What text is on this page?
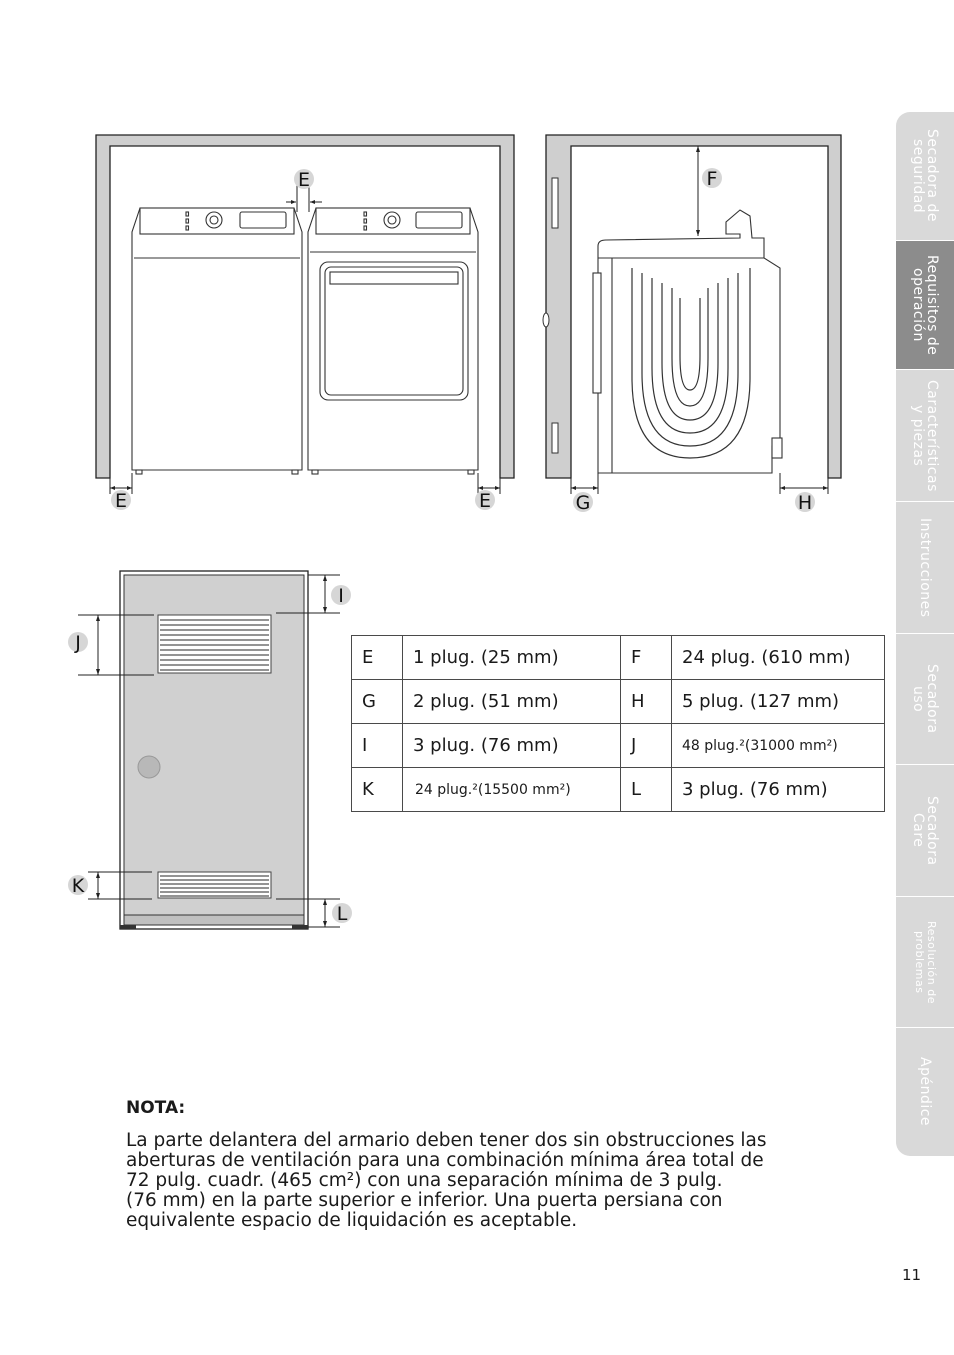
Secadora de
seguridad
Requisitos de
operación
Características
y piezas
Instrucciones
Secadora
uso
Secadora
Care
Resolución de
problemas
Apéndice
E
E	E
F
G	H
J
K
I
L
E	1 plug. (25 mm)	F	24 plug. (610 mm)
G	2 plug. (51 mm)	H	5 plug. (127 mm)
I	3 plug. (76 mm)	J	48 plug.²(31000 mm²)
K	24 plug.²(15500 mm²)	L	3 plug. (76 mm)
NOTA:
La parte delantera del armario deben tener dos sin obstrucciones las
aberturas de ventilación para una combinación mínima área total de
72 pulg. cuadr. (465 cm²) con una separación mínima de 3 pulg.
(76 mm) en la parte superior e inferior. Una puerta persiana con
equivalente espacio de liquidación es aceptable.
11
